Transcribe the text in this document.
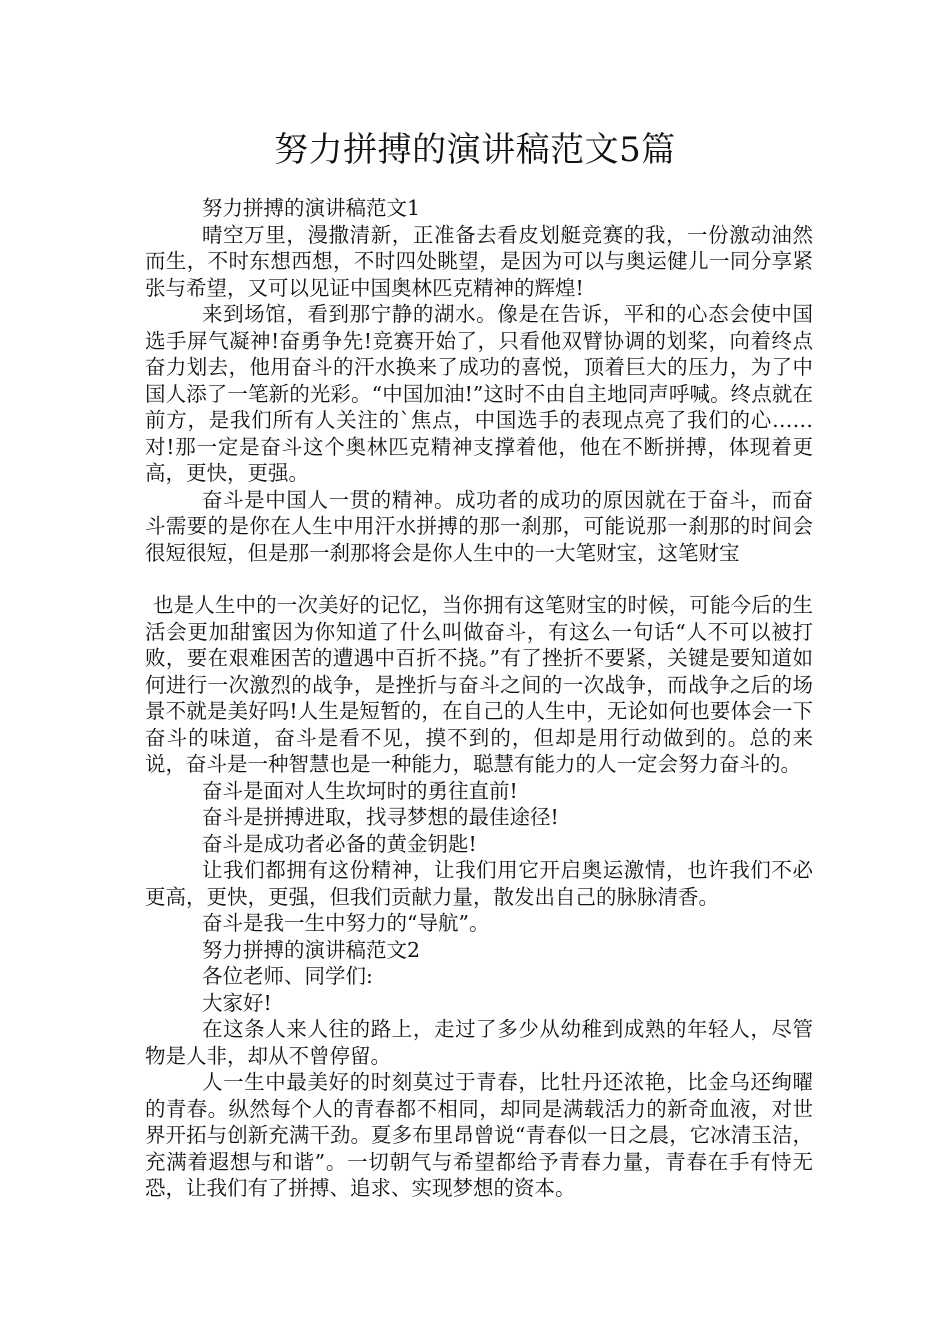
努力拼搏的演讲稿范文5篇

努力拼搏的演讲稿范文1

晴空万里，漫撒清新，正准备去看皮划艇竞赛的我，一份激动油然而生，不时东想西想，不时四处眺望，是因为可以与奥运健儿一同分享紧张与希望，又可以见证中国奥林匹克精神的辉煌!

来到场馆，看到那宁静的湖水。像是在告诉，平和的心态会使中国选手屏气凝神!奋勇争先!竞赛开始了，只看他双臂协调的划桨，向着终点奋力划去，他用奋斗的汗水换来了成功的喜悦，顶着巨大的压力，为了中国人添了一笔新的光彩。“中国加油!”这时不由自主地同声呼喊。终点就在前方，是我们所有人关注的`焦点，中国选手的表现点亮了我们的心……对!那一定是奋斗这个奥林匹克精神支撑着他，他在不断拼搏，体现着更高，更快，更强。

奋斗是中国人一贯的精神。成功者的成功的原因就在于奋斗，而奋斗需要的是你在人生中用汗水拼搏的那一刹那，可能说那一刹那的时间会很短很短，但是那一刹那将会是你人生中的一大笔财宝，这笔财宝

也是人生中的一次美好的记忆，当你拥有这笔财宝的时候，可能今后的生活会更加甜蜜因为你知道了什么叫做奋斗，有这么一句话“人不可以被打败，要在艰难困苦的遭遇中百折不挠。”有了挫折不要紧，关键是要知道如何进行一次激烈的战争，是挫折与奋斗之间的一次战争，而战争之后的场景不就是美好吗!人生是短暂的，在自己的人生中，无论如何也要体会一下奋斗的味道，奋斗是看不见，摸不到的，但却是用行动做到的。总的来说，奋斗是一种智慧也是一种能力，聪慧有能力的人一定会努力奋斗的。

奋斗是面对人生坎坷时的勇往直前!

奋斗是拼搏进取，找寻梦想的最佳途径!

奋斗是成功者必备的黄金钥匙!

让我们都拥有这份精神，让我们用它开启奥运激情，也许我们不必更高，更快，更强，但我们贡献力量，散发出自己的脉脉清香。

奋斗是我一生中努力的“导航”。

努力拼搏的演讲稿范文2

各位老师、同学们:

大家好!

在这条人来人往的路上，走过了多少从幼稚到成熟的年轻人，尽管物是人非，却从不曾停留。

人一生中最美好的时刻莫过于青春，比牡丹还浓艳，比金乌还绚曜的青春。纵然每个人的青春都不相同，却同是满载活力的新奇血液，对世界开拓与创新充满干劲。夏多布里昂曾说“青春似一日之晨，它冰清玉洁，充满着遐想与和谐”。一切朝气与希望都给予青春力量，青春在手有恃无恐，让我们有了拼搏、追求、实现梦想的资本。
